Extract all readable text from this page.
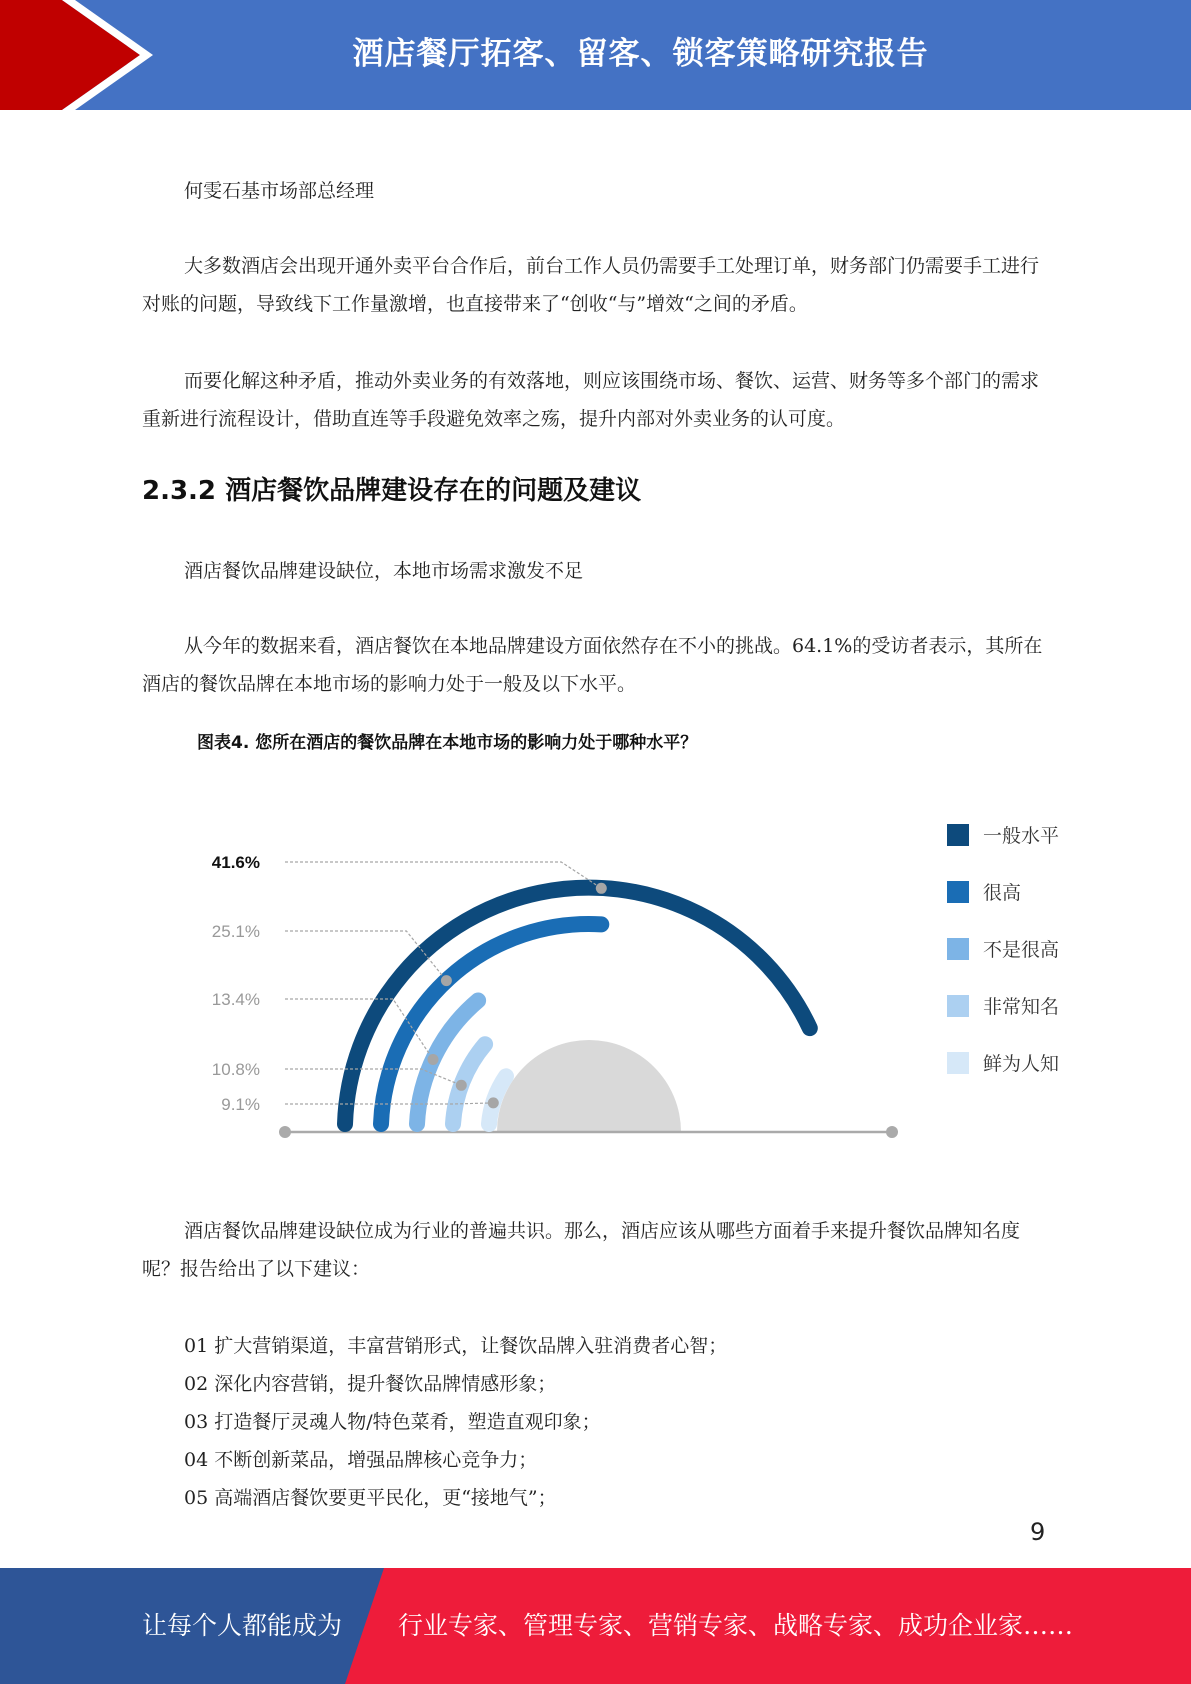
酒店餐厅拓客、留客、锁客策略研究报告

何雯石基市场部总经理

大多数酒店会出现开通外卖平台合作后，前台工作人员仍需要手工处理订单，财务部门仍需要手工进行对账的问题，导致线下工作量激增，也直接带来了“创收“与”增效“之间的矛盾。

而要化解这种矛盾，推动外卖业务的有效落地，则应该围绕市场、餐饮、运营、财务等多个部门的需求重新进行流程设计，借助直连等手段避免效率之殇，提升内部对外卖业务的认可度。

2.3.2 酒店餐饮品牌建设存在的问题及建议

酒店餐饮品牌建设缺位，本地市场需求激发不足

从今年的数据来看，酒店餐饮在本地品牌建设方面依然存在不小的挑战。64.1%的受访者表示，其所在酒店的餐饮品牌在本地市场的影响力处于一般及以下水平。

图表4. 您所在酒店的餐饮品牌在本地市场的影响力处于哪种水平？

酒店餐饮品牌建设缺位成为行业的普遍共识。那么，酒店应该从哪些方面着手来提升餐饮品牌知名度呢？报告给出了以下建议：

01 扩大营销渠道，丰富营销形式，让餐饮品牌入驻消费者心智；
02 深化内容营销，提升餐饮品牌情感形象；
03 打造餐厅灵魂人物/特色菜肴，塑造直观印象；
04 不断创新菜品，增强品牌核心竞争力；
05 高端酒店餐饮要更平民化，更“接地气”；
41.6%
一般水平
25.1%
很高
13.4%
不是很高
10.8%
非常知名
9.1%
鲜为人知
9
让每个人都能成为 行业专家、管理专家、营销专家、战略专家、成功企业家……
